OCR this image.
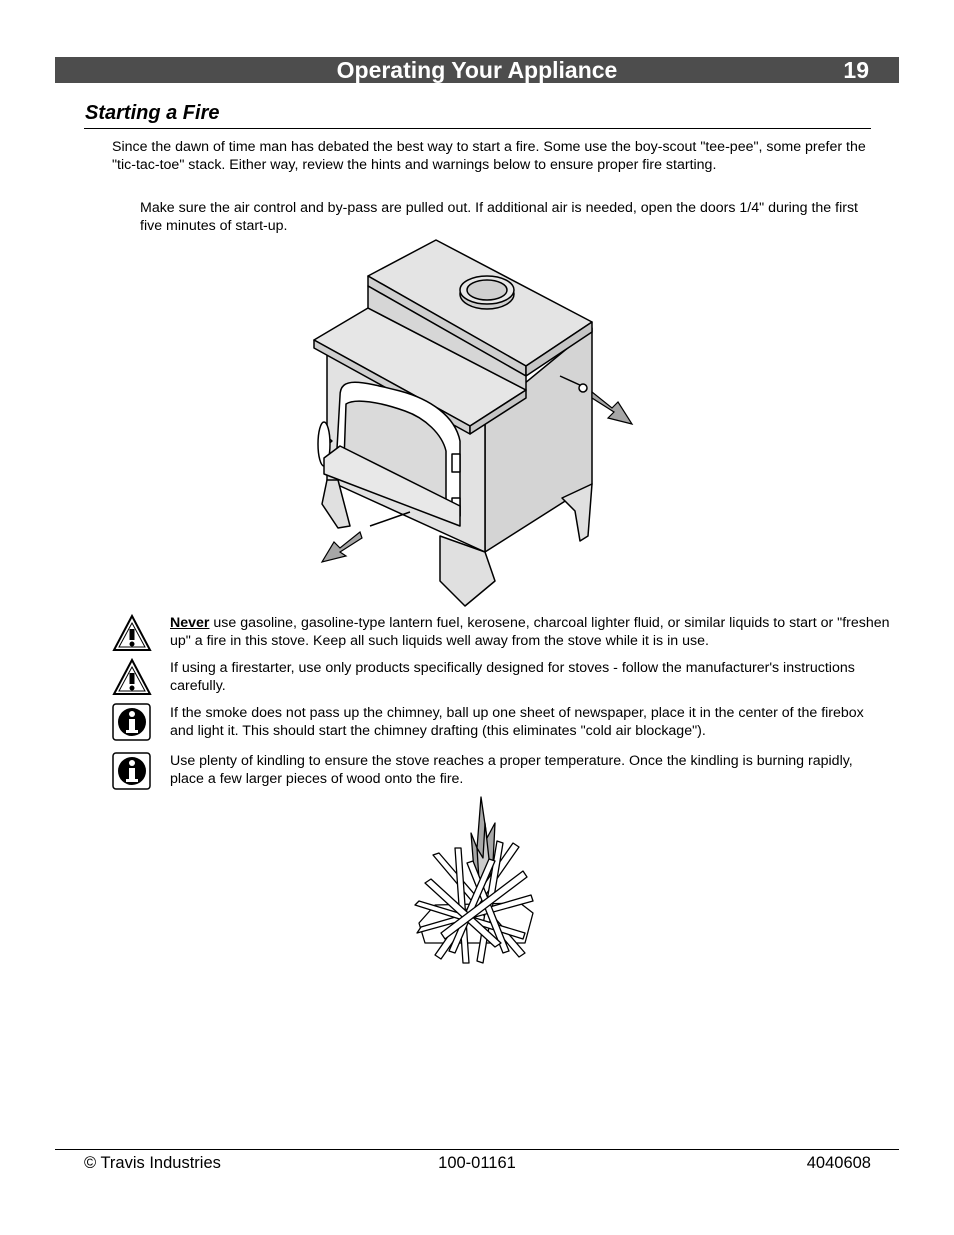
Operating Your Appliance	19
Starting a Fire
Since the dawn of time man has debated the best way to start a fire. Some use the boy-scout "tee-pee", some prefer the "tic-tac-toe" stack. Either way, review the hints and warnings below to ensure proper fire starting.
Make sure the air control and by-pass are pulled out. If additional air is needed, open the doors 1/4" during the first five minutes of start-up.
Never use gasoline, gasoline-type lantern fuel, kerosene, charcoal lighter fluid, or similar liquids to start or "freshen up" a fire in this stove. Keep all such liquids well away from the stove while it is in use.
If using a firestarter, use only products specifically designed for stoves - follow the manufacturer's instructions carefully.
If the smoke does not pass up the chimney, ball up one sheet of newspaper, place it in the center of the firebox and light it. This should start the chimney drafting (this eliminates "cold air blockage").
Use plenty of kindling to ensure the stove reaches a proper temperature. Once the kindling is burning rapidly, place a few larger pieces of wood onto the fire.
© Travis Industries	100-01161	4040608
